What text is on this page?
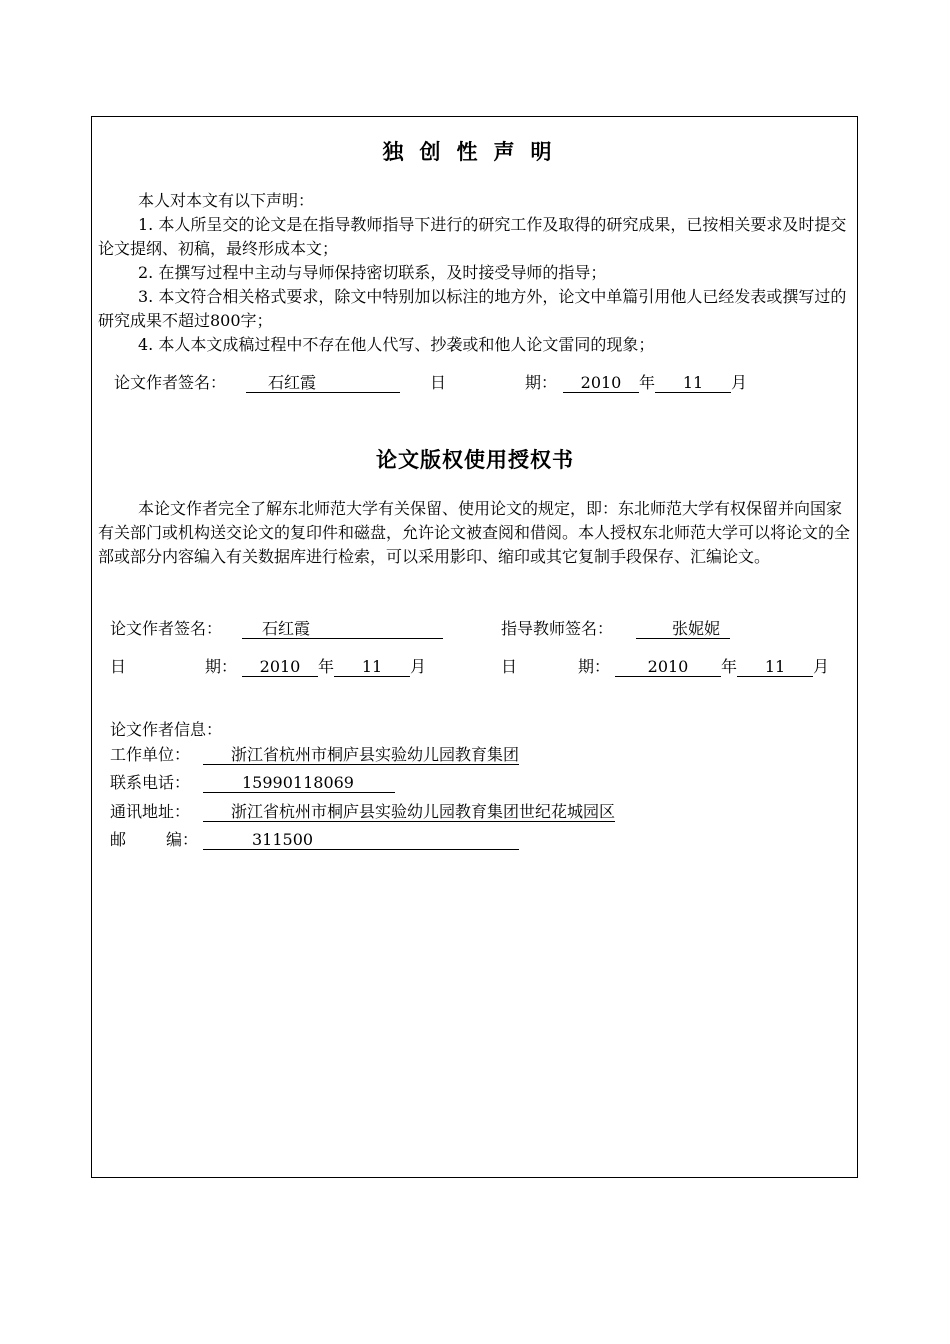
独创性声明

本人对本文有以下声明：

1. 本人所呈交的论文是在指导教师指导下进行的研究工作及取得的研究成果，已按相关要求及时提交论文提纲、初稿，最终形成本文；

2. 在撰写过程中主动与导师保持密切联系，及时接受导师的指导；

3. 本文符合相关格式要求，除文中特别加以标注的地方外，论文中单篇引用他人已经发表或撰写过的研究成果不超过800字；

4. 本人本文成稿过程中不存在他人代写、抄袭或和他人论文雷同的现象；

论文作者签名：	石红霞	日	期：	2010 年 11 月
论文版权使用授权书

本论文作者完全了解东北师范大学有关保留、使用论文的规定，即：东北师范大学有权保留并向国家有关部门或机构送交论文的复印件和磁盘，允许论文被查阅和借阅。本人授权东北师范大学可以将论文的全部或部分内容编入有关数据库进行检索，可以采用影印、缩印或其它复制手段保存、汇编论文。

论文作者签名：	石红霞	指导教师签名：	张妮妮
日	期：	2010 年 11 月	日	期：	2010 年 11 月
论文作者信息：
工作单位：	浙江省杭州市桐庐县实验幼儿园教育集团
联系电话：	15990118069
通讯地址：	浙江省杭州市桐庐县实验幼儿园教育集团世纪花城园区
邮 编：	311500
